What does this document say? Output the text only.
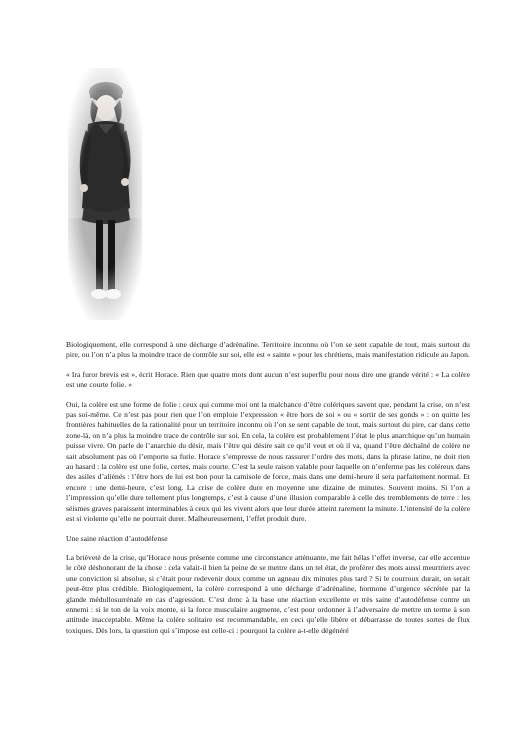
Biologiquement, elle correspond à une décharge d’adrénaline. Territoire inconnu où l’on se sent capable de tout, mais surtout du pire, ou l’on n’a plus la moindre trace de contrôle sur soi, elle est « sainte » pour les chrétiens, mais manifestation ridicule au Japon.

« Ira furor brevis est », écrit Horace. Rien que quatre mots dont aucun n’est superflu pour nous dire une grande vérité : « La colère est une courte folie. »

Oui, la colère est une forme de folie : ceux qui comme moi ont la malchance d’être colériques savent que, pendant la crise, on n’est pas soi-même. Ce n’est pas pour rien que l’on emploie l’expression « être hors de soi » ou « sortir de ses gonds » : on quitte les frontières habituelles de la rationalité pour un territoire inconnu où l’on se sent capable de tout, mais surtout du pire, car dans cette zone-là, on n’a plus la moindre trace de contrôle sur soi. En cela, la colère est probablement l’état le plus anarchique qu’un humain puisse vivre. On parle de l’anarchie du désir, mais l’être qui désire sait ce qu’il veut et où il va, quand l’être déchaîné de colère ne sait absolument pas où l’emporte sa furie. Horace s’empresse de nous rassurer l’ordre des mots, dans la phrase latine, ne doit rien au hasard : la colère est une folie, certes, mais courte. C’est la seule raison valable pour laquelle on n’enferme pas les coléreux dans des asiles d’aliénés : l’être hors de lui est bon pour la camisole de force, mais dans une demi-heure il sera parfaitement normal. Et encore : une demi-heure, c’est long. La crise de colère dure en moyenne une dizaine de minutes. Souvent moins. Si l’on a l’impression qu’elle dure tellement plus longtemps, c’est à cause d’une illusion comparable à celle des tremblements de terre : les séismes graves paraissent interminables à ceux qui les vivent alors que leur durée atteint rarement la minute. L’intensité de la colère est si violente qu’elle ne pourrait durer. Malheureusement, l’effet produit dure.

Une saine réaction d’autodéfense

La brièveté de la crise, qu’Horace nous présente comme une circonstance atténuante, me fait hélas l’effet inverse, car elle accentue le côté déshonorant de la chose : cela valait-il bien la peine de se mettre dans un tel état, de proférer des mots aussi meurtriers avec une conviction si absolue, si c’était pour redevenir doux comme un agneau dix minutes plus tard ? Si le courroux durait, on serait peut-être plus crédible. Biologiquement, la colère correspond à une décharge d’adrénaline, hormone d’urgence sécrétée par la glande médullosurrénale en cas d’agression. C’est donc à la base une réaction excellente et très saine d’autodéfense contre un ennemi : si le ton de la voix monte, si la force musculaire augmente, c’est pour ordonner à l’adversaire de mettre un terme à son attitude inacceptable. Même la colère solitaire est recommandable, en ceci qu’elle libère et débarrasse de toutes sortes de flux toxiques. Dès lors, la question qui s’impose est celle-ci : pourquoi la colère a-t-elle dégénéré
